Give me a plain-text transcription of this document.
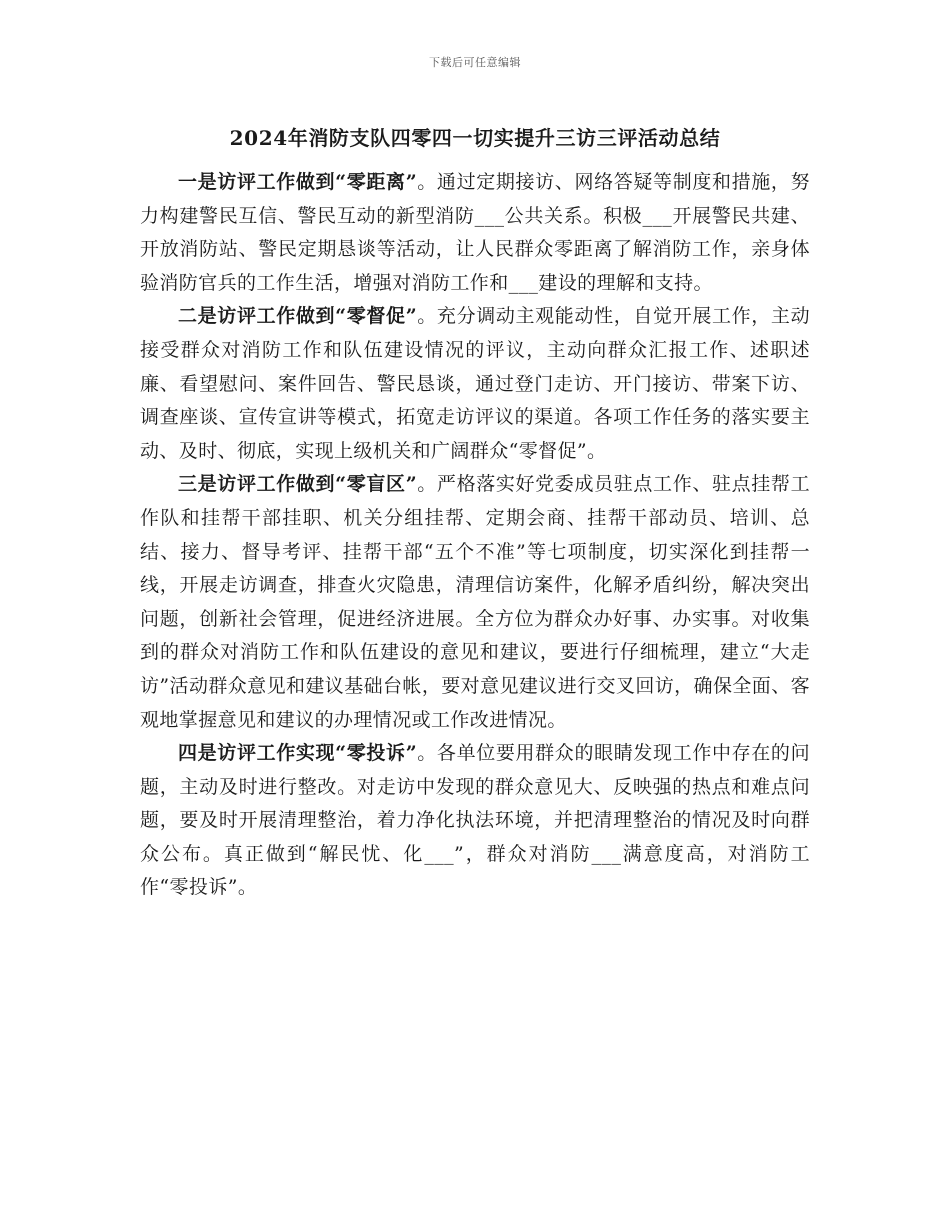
下载后可任意编辑
2024年消防支队四零四一切实提升三访三评活动总结

一是访评工作做到“零距离”。通过定期接访、网络答疑等制度和措施，努力构建警民互信、警民互动的新型消防___公共关系。积极___开展警民共建、开放消防站、警民定期恳谈等活动，让人民群众零距离了解消防工作，亲身体验消防官兵的工作生活，增强对消防工作和___建设的理解和支持。

二是访评工作做到“零督促”。充分调动主观能动性，自觉开展工作，主动接受群众对消防工作和队伍建设情况的评议，主动向群众汇报工作、述职述廉、看望慰问、案件回告、警民恳谈，通过登门走访、开门接访、带案下访、调查座谈、宣传宣讲等模式，拓宽走访评议的渠道。各项工作任务的落实要主动、及时、彻底，实现上级机关和广阔群众“零督促”。

三是访评工作做到“零盲区”。严格落实好党委成员驻点工作、驻点挂帮工作队和挂帮干部挂职、机关分组挂帮、定期会商、挂帮干部动员、培训、总结、接力、督导考评、挂帮干部“五个不准”等七项制度，切实深化到挂帮一线，开展走访调查，排查火灾隐患，清理信访案件，化解矛盾纠纷，解决突出问题，创新社会管理，促进经济进展。全方位为群众办好事、办实事。对收集到的群众对消防工作和队伍建设的意见和建议，要进行仔细梳理，建立“大走访”活动群众意见和建议基础台帐，要对意见建议进行交叉回访，确保全面、客观地掌握意见和建议的办理情况或工作改进情况。

四是访评工作实现“零投诉”。各单位要用群众的眼睛发现工作中存在的问题，主动及时进行整改。对走访中发现的群众意见大、反映强的热点和难点问题，要及时开展清理整治，着力净化执法环境，并把清理整治的情况及时向群众公布。真正做到“解民忧、化___”，群众对消防___满意度高，对消防工作“零投诉”。
